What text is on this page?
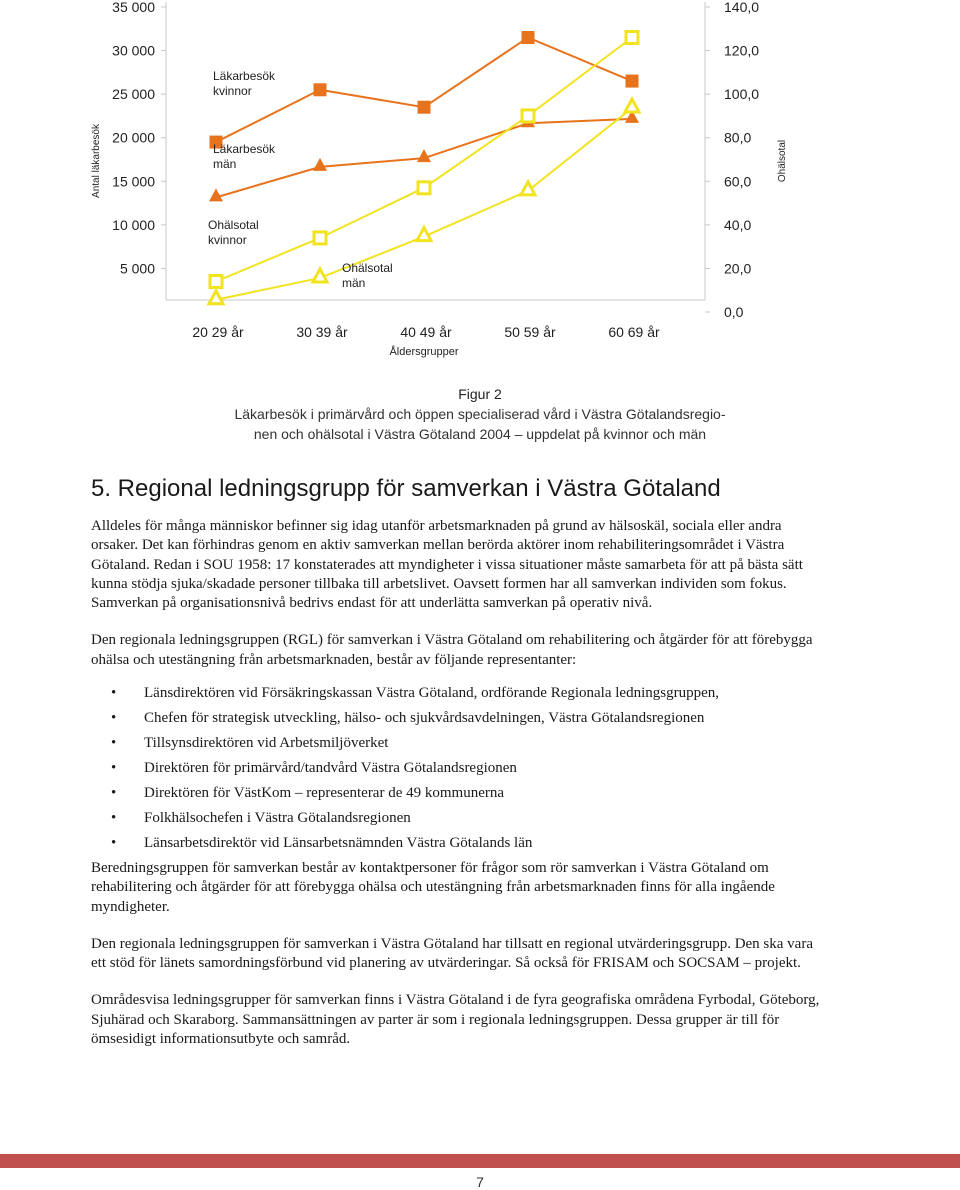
35 000
30 000
25 000
20 000
15 000
10 000
5 000
Antal läkarbesök
140,0
120,0
100,0
80,0
60,0
40,0
20,0
0,0
Ohälsotal
20 29 år	30 39 år	40 49 år	50 59 år	60 69 år
Åldersgrupper
Läkarbesök kvinnor
Läkarbesök män
Ohälsotal kvinnor
Ohälsotal män
Figur 2
Läkarbesök i primärvård och öppen specialiserad vård i Västra Götalandsregio-
nen och ohälsotal i Västra Götaland 2004 – uppdelat på kvinnor och män
5. Regional ledningsgrupp för samverkan i Västra Götaland

Alldeles för många människor befinner sig idag utanför arbetsmarknaden på grund av hälsoskäl, sociala eller andra orsaker. Det kan förhindras genom en aktiv samverkan mellan berörda aktörer inom rehabiliteringsområdet i Västra Götaland. Redan i SOU 1958: 17 konstaterades att myndigheter i vissa situationer måste samarbeta för att på bästa sätt kunna stödja sjuka/skadade personer tillbaka till arbetslivet. Oavsett formen har all samverkan individen som fokus. Samverkan på organisationsnivå bedrivs endast för att underlätta samverkan på operativ nivå.

Den regionala ledningsgruppen (RGL) för samverkan i Västra Götaland om rehabilitering och åtgärder för att förebygga ohälsa och utestängning från arbetsmarknaden, består av följande representanter:

• Länsdirektören vid Försäkringskassan Västra Götaland, ordförande Regionala ledningsgruppen,
• Chefen för strategisk utveckling, hälso- och sjukvårdsavdelningen, Västra Götalandsregionen
• Tillsynsdirektören vid Arbetsmiljöverket
• Direktören för primärvård/tandvård Västra Götalandsregionen
• Direktören för VästKom – representerar de 49 kommunerna
• Folkhälsochefen i Västra Götalandsregionen
• Länsarbetsdirektör vid Länsarbetsnämnden Västra Götalands län

Beredningsgruppen för samverkan består av kontaktpersoner för frågor som rör samverkan i Västra Götaland om rehabilitering och åtgärder för att förebygga ohälsa och utestängning från arbetsmarknaden finns för alla ingående myndigheter.

Den regionala ledningsgruppen för samverkan i Västra Götaland har tillsatt en regional utvärderingsgrupp. Den ska vara ett stöd för länets samordningsförbund vid planering av utvärderingar. Så också för FRISAM och SOCSAM – projekt.

Områdesvisa ledningsgrupper för samverkan finns i Västra Götaland i de fyra geografiska områdena Fyrbodal, Göteborg, Sjuhärad och Skaraborg. Sammansättningen av parter är som i regionala ledningsgruppen. Dessa grupper är till för ömsesidigt informationsutbyte och samråd.

7
